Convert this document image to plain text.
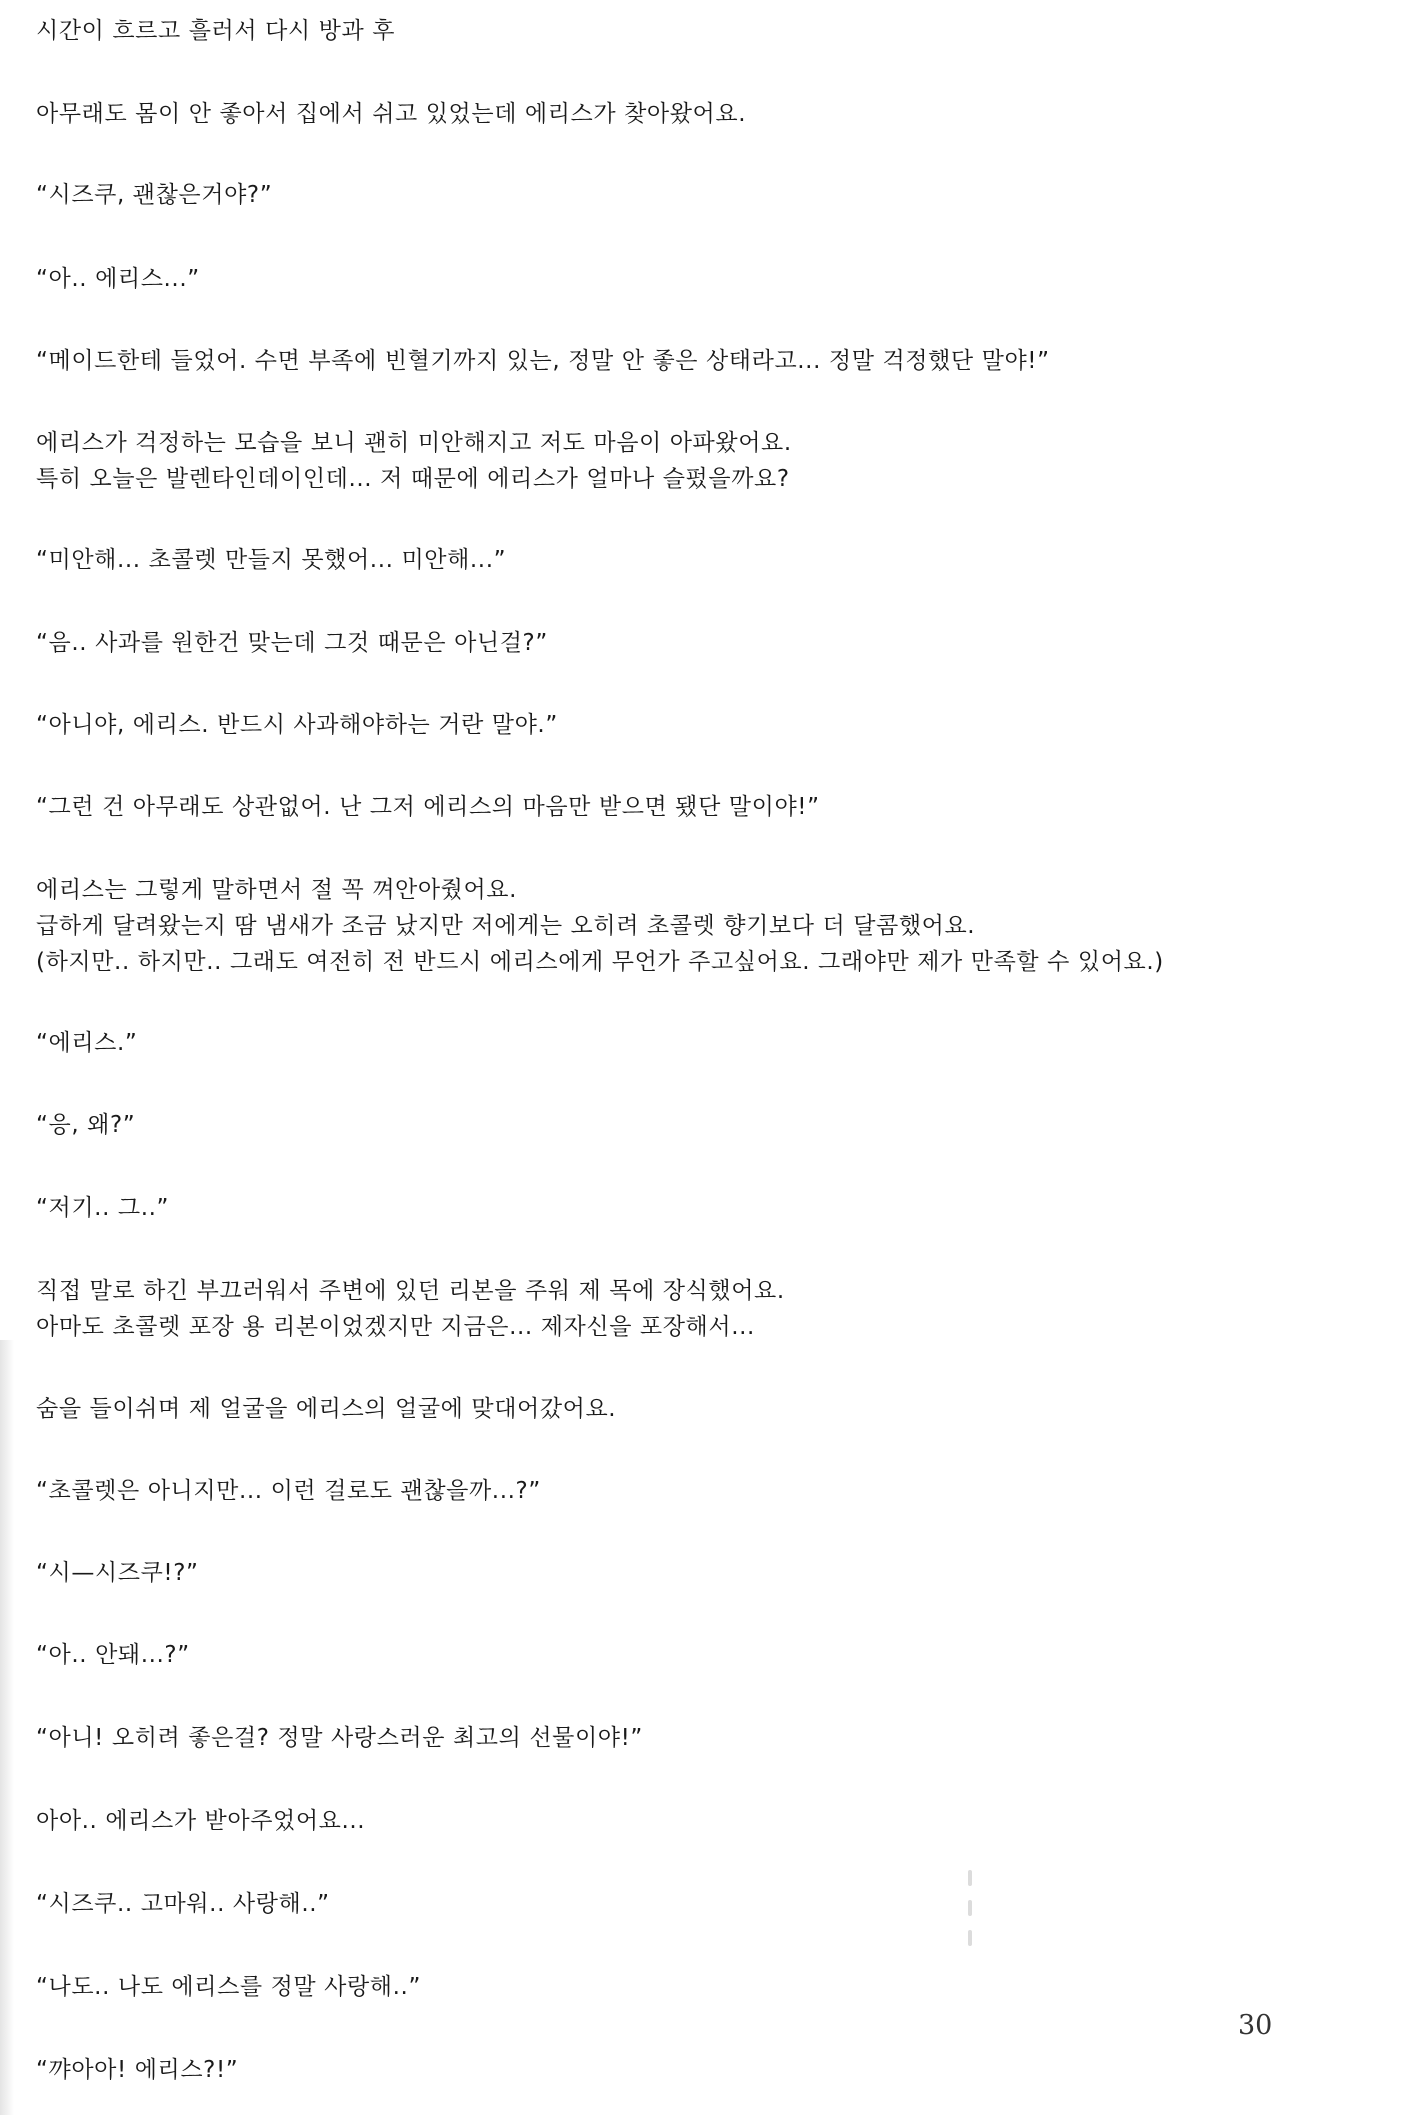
시간이 흐르고 흘러서 다시 방과 후
아무래도 몸이 안 좋아서 집에서 쉬고 있었는데 에리스가 찾아왔어요.
“시즈쿠, 괜찮은거야?”
“아.. 에리스...”
“메이드한테 들었어. 수면 부족에 빈혈기까지 있는, 정말 안 좋은 상태라고... 정말 걱정했단 말야!”
에리스가 걱정하는 모습을 보니 괜히 미안해지고 저도 마음이 아파왔어요.
특히 오늘은 발렌타인데이인데... 저 때문에 에리스가 얼마나 슬펐을까요?
“미안해... 초콜렛 만들지 못했어... 미안해...”
“음.. 사과를 원한건 맞는데 그것 때문은 아닌걸?”
“아니야, 에리스. 반드시 사과해야하는 거란 말야.”
“그런 건 아무래도 상관없어. 난 그저 에리스의 마음만 받으면 됐단 말이야!”
에리스는 그렇게 말하면서 절 꼭 껴안아줬어요.
급하게 달려왔는지 땀 냄새가 조금 났지만 저에게는 오히려 초콜렛 향기보다 더 달콤했어요.
(하지만.. 하지만.. 그래도 여전히 전 반드시 에리스에게 무언가 주고싶어요. 그래야만 제가 만족할 수 있어요.)
“에리스.”
“응, 왜?”
“저기.. 그..”
직접 말로 하긴 부끄러워서 주변에 있던 리본을 주워 제 목에 장식했어요.
아마도 초콜렛 포장 용 리본이었겠지만 지금은... 제자신을 포장해서...
숨을 들이쉬며 제 얼굴을 에리스의 얼굴에 맞대어갔어요.
“초콜렛은 아니지만... 이런 걸로도 괜찮을까...?”
“시—시즈쿠!?”
“아.. 안돼...?”
“아니! 오히려 좋은걸? 정말 사랑스러운 최고의 선물이야!”
아아.. 에리스가 받아주었어요...
“시즈쿠.. 고마워.. 사랑해..”
“나도.. 나도 에리스를 정말 사랑해..”
“꺄아아! 에리스?!”
30
